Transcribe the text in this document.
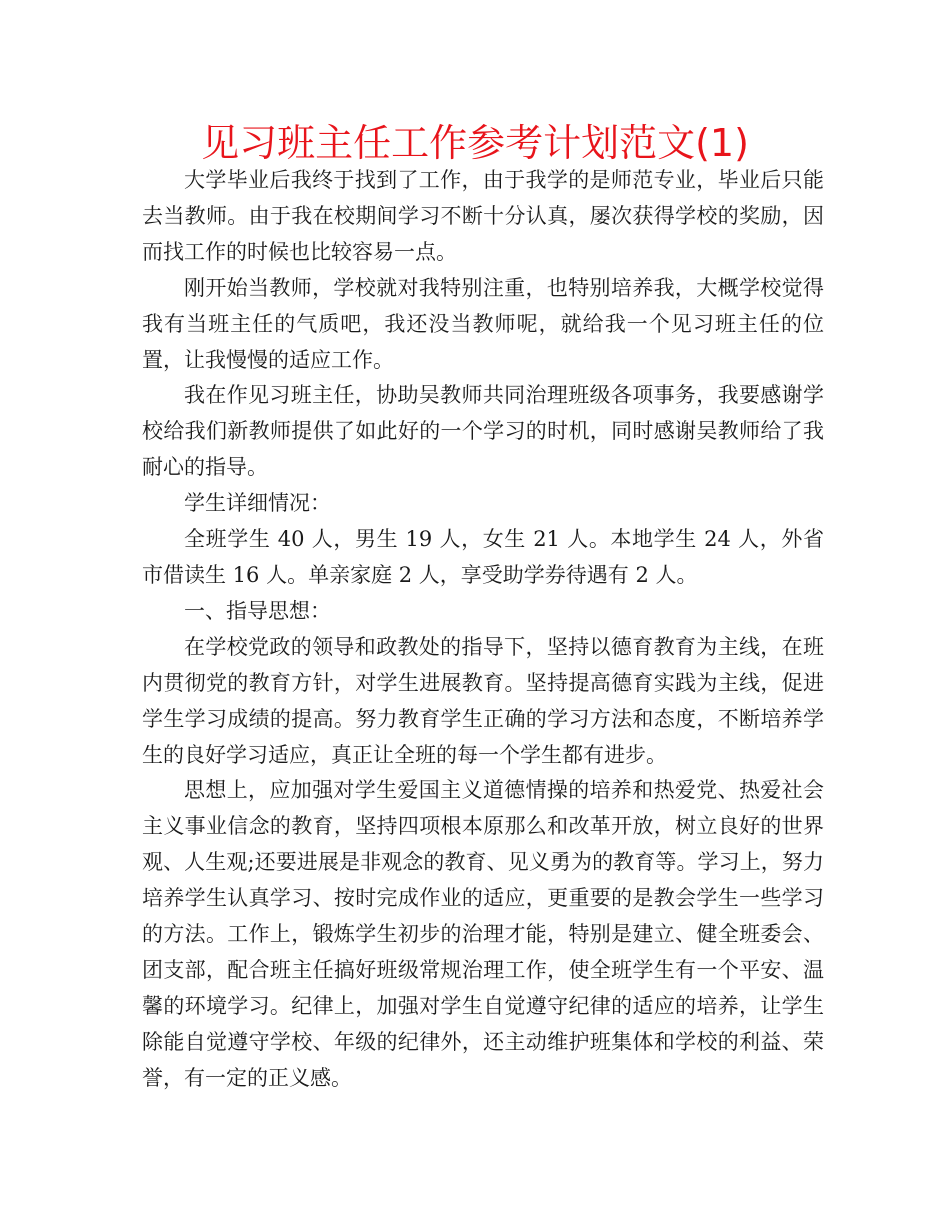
见习班主任工作参考计划范文(1)

大学毕业后我终于找到了工作，由于我学的是师范专业，毕业后只能去当教师。由于我在校期间学习不断十分认真，屡次获得学校的奖励，因而找工作的时候也比较容易一点。

刚开始当教师，学校就对我特别注重，也特别培养我，大概学校觉得我有当班主任的气质吧，我还没当教师呢，就给我一个见习班主任的位置，让我慢慢的适应工作。

我在作见习班主任，协助吴教师共同治理班级各项事务，我要感谢学校给我们新教师提供了如此好的一个学习的时机，同时感谢吴教师给了我耐心的指导。

学生详细情况：

全班学生 40 人，男生 19 人，女生 21 人。本地学生 24 人，外省市借读生 16 人。单亲家庭 2 人，享受助学券待遇有 2 人。

一、指导思想：

在学校党政的领导和政教处的指导下，坚持以德育教育为主线，在班内贯彻党的教育方针，对学生进展教育。坚持提高德育实践为主线，促进学生学习成绩的提高。努力教育学生正确的学习方法和态度，不断培养学生的良好学习适应，真正让全班的每一个学生都有进步。

思想上，应加强对学生爱国主义道德情操的培养和热爱党、热爱社会主义事业信念的教育，坚持四项根本原那么和改革开放，树立良好的世界观、人生观;还要进展是非观念的教育、见义勇为的教育等。学习上，努力培养学生认真学习、按时完成作业的适应，更重要的是教会学生一些学习的方法。工作上，锻炼学生初步的治理才能，特别是建立、健全班委会、团支部，配合班主任搞好班级常规治理工作，使全班学生有一个平安、温馨的环境学习。纪律上，加强对学生自觉遵守纪律的适应的培养，让学生除能自觉遵守学校、年级的纪律外，还主动维护班集体和学校的利益、荣誉，有一定的正义感。
